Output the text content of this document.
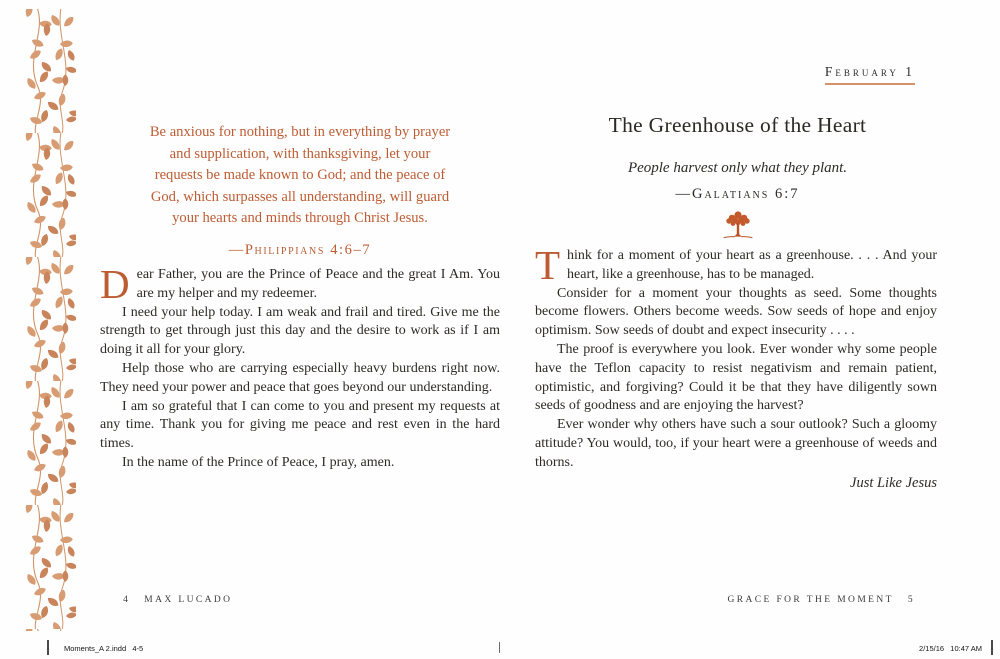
Be anxious for nothing, but in everything by prayer
and supplication, with thanksgiving, let your
requests be made known to God; and the peace of
God, which surpasses all understanding, will guard
your hearts and minds through Christ Jesus.
—Philippians 4:6–7

Dear Father, you are the Prince of Peace and the great I Am. You are my helper and my redeemer.

I need your help today. I am weak and frail and tired. Give me the strength to get through just this day and the desire to work as if I am doing it all for your glory.

Help those who are carrying especially heavy burdens right now. They need your power and peace that goes beyond our understanding.

I am so grateful that I can come to you and present my requests at any time. Thank you for giving me peace and rest even in the hard times.

In the name of the Prince of Peace, I pray, amen.

4 MAX LUCADO

February 1
The Greenhouse of the Heart
People harvest only what they plant.
—Galatians 6:7

Think for a moment of your heart as a greenhouse. . . . And your heart, like a greenhouse, has to be managed.

Consider for a moment your thoughts as seed. Some thoughts become flowers. Others become weeds. Sow seeds of hope and enjoy optimism. Sow seeds of doubt and expect insecurity . . . .

The proof is everywhere you look. Ever wonder why some people have the Teflon capacity to resist negativism and remain patient, optimistic, and forgiving? Could it be that they have diligently sown seeds of goodness and are enjoying the harvest?

Ever wonder why others have such a sour outlook? Such a gloomy attitude? You would, too, if your heart were a greenhouse of weeds and thorns.

Just Like Jesus

GRACE FOR THE MOMENT 5

Moments_A 2.indd   4-5	2/15/16   10:47 AM
